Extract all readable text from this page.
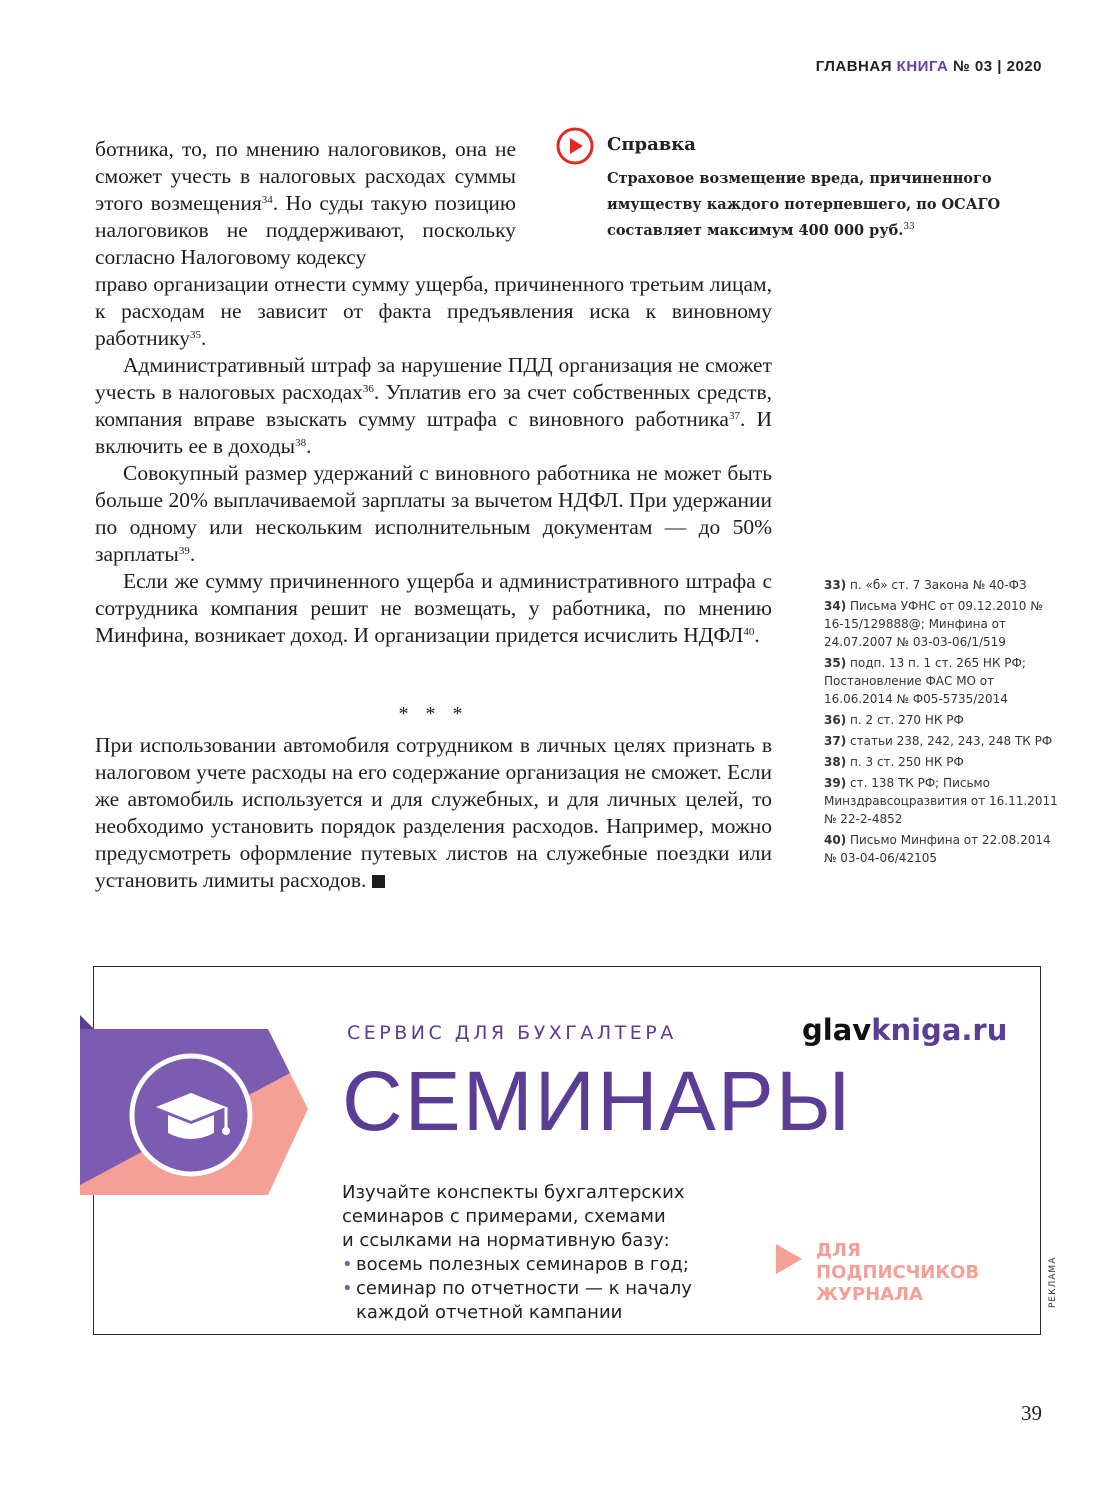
ГЛАВНАЯ КНИГА № 03 | 2020

ботника, то, по мнению налоговиков, она не сможет учесть в налоговых расходах суммы этого возмещения$^{34}$. Но суды такую позицию налоговиков не поддерживают, поскольку согласно Налоговому кодексу

Справка
Страховое возмещение вреда, причиненного имуществу каждого потерпевшего, по ОСАГО составляет максимум 400 000 руб.$^{33}$

право организации отнести сумму ущерба, причиненного третьим лицам, к расходам не зависит от факта предъявления иска к виновному работнику$^{35}$.

Административный штраф за нарушение ПДД организация не сможет учесть в налоговых расходах$^{36}$. Уплатив его за счет собственных средств, компания вправе взыскать сумму штрафа с виновного работника$^{37}$. И включить ее в доходы$^{38}$.

Совокупный размер удержаний с виновного работника не может быть больше 20% выплачиваемой зарплаты за вычетом НДФЛ. При удержании по одному или нескольким исполнительным документам — до 50% зарплаты$^{39}$.

Если же сумму причиненного ущерба и административного штрафа с сотрудника компания решит не возмещать, у работника, по мнению Минфина, возникает доход. И организации придется исчислить НДФЛ$^{40}$.

* * *

При использовании автомобиля сотрудником в личных целях признать в налоговом учете расходы на его содержание организация не сможет. Если же автомобиль используется и для служебных, и для личных целей, то необходимо установить порядок разделения расходов. Например, можно предусмотреть оформление путевых листов на служебные поездки или установить лимиты расходов.

33) п. «б» ст. 7 Закона № 40-ФЗ
34) Письма УФНС от 09.12.2010 № 16-15/129888@; Минфина от 24.07.2007 № 03-03-06/1/519
35) подп. 13 п. 1 ст. 265 НК РФ; Постановление ФАС МО от 16.06.2014 № Ф05-5735/2014
36) п. 2 ст. 270 НК РФ
37) статьи 238, 242, 243, 248 ТК РФ
38) п. 3 ст. 250 НК РФ
39) ст. 138 ТК РФ; Письмо Минздравсоцразвития от 16.11.2011 № 22-2-4852
40) Письмо Минфина от 22.08.2014 № 03-04-06/42105
СЕРВИС ДЛЯ БУХГАЛТЕРА	glavkniga.ru
СЕМИНАРЫ
Изучайте конспекты бухгалтерских
семинаров с примерами, схемами
и ссылками на нормативную базу:
• восемь полезных семинаров в год;
• семинар по отчетности — к началу
каждой отчетной кампании
ДЛЯ
ПОДПИСЧИКОВ
ЖУРНАЛА	РЕКЛАМА
39
